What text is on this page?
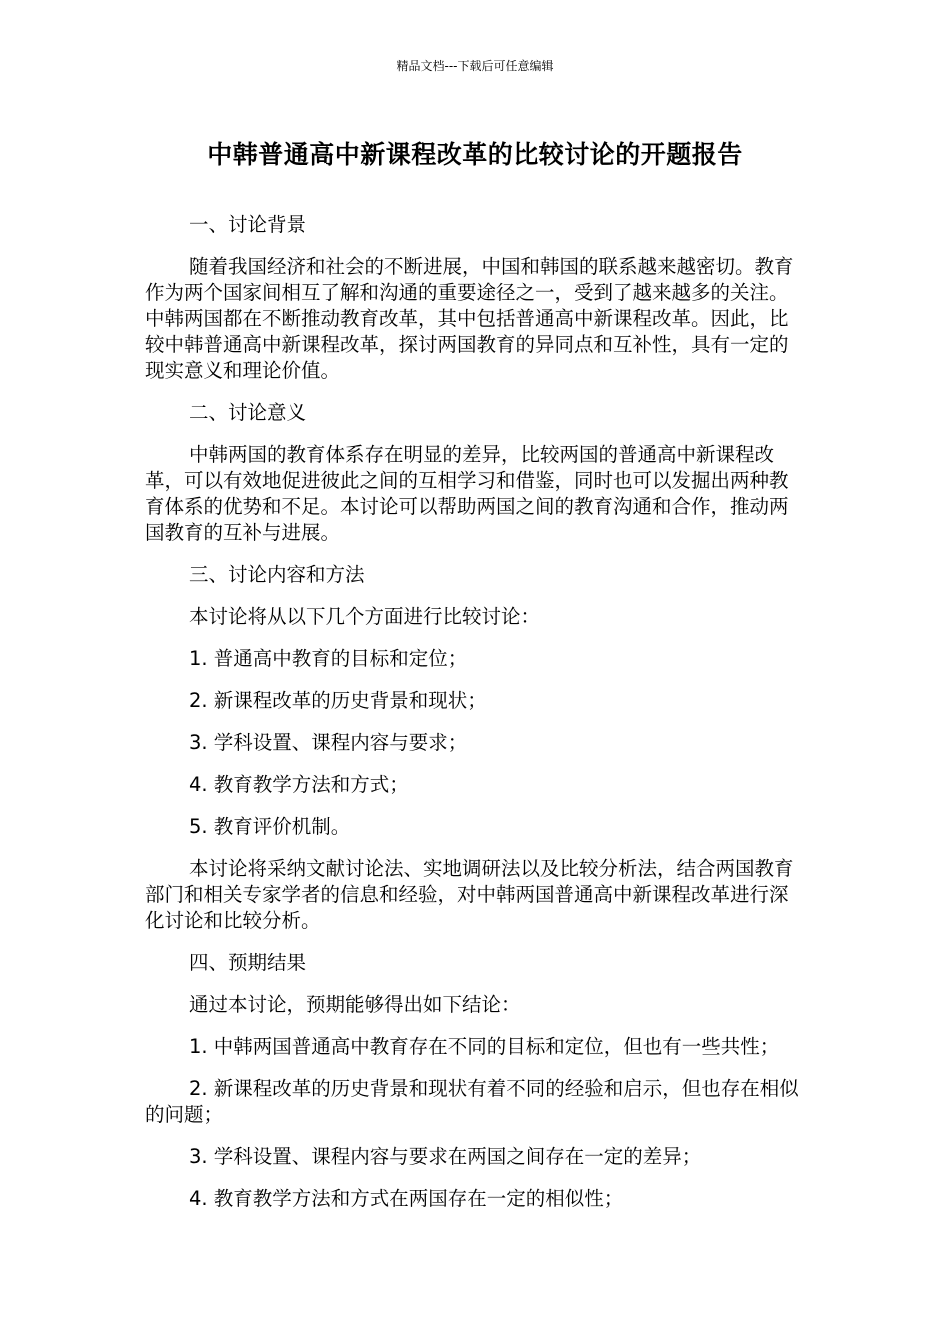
精品文档---下载后可任意编辑
中韩普通高中新课程改革的比较讨论的开题报告

一、讨论背景

随着我国经济和社会的不断进展，中国和韩国的联系越来越密切。教育作为两个国家间相互了解和沟通的重要途径之一，受到了越来越多的关注。中韩两国都在不断推动教育改革，其中包括普通高中新课程改革。因此，比较中韩普通高中新课程改革，探讨两国教育的异同点和互补性，具有一定的现实意义和理论价值。

二、讨论意义

中韩两国的教育体系存在明显的差异，比较两国的普通高中新课程改革，可以有效地促进彼此之间的互相学习和借鉴，同时也可以发掘出两种教育体系的优势和不足。本讨论可以帮助两国之间的教育沟通和合作，推动两国教育的互补与进展。

三、讨论内容和方法

本讨论将从以下几个方面进行比较讨论：

1. 普通高中教育的目标和定位；

2. 新课程改革的历史背景和现状；

3. 学科设置、课程内容与要求；

4. 教育教学方法和方式；

5. 教育评价机制。

本讨论将采纳文献讨论法、实地调研法以及比较分析法，结合两国教育部门和相关专家学者的信息和经验，对中韩两国普通高中新课程改革进行深化讨论和比较分析。

四、预期结果

通过本讨论，预期能够得出如下结论：

1. 中韩两国普通高中教育存在不同的目标和定位，但也有一些共性；

2. 新课程改革的历史背景和现状有着不同的经验和启示，但也存在相似的问题；

3. 学科设置、课程内容与要求在两国之间存在一定的差异；

4. 教育教学方法和方式在两国存在一定的相似性；
